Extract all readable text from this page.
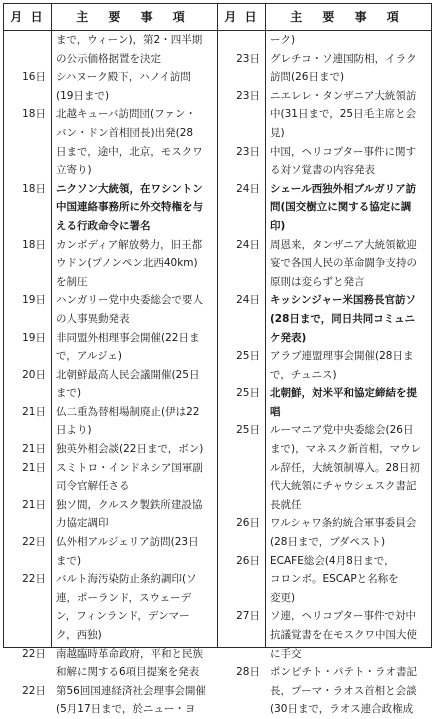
月 日	主 要 事 項
まで，ウィーン)，第2・四半期
の公示価格据置を決定
16日 シハヌーク殿下，ハノイ訪問
(19日まで)
18日 北越キューバ訪問団(ファン・
バン・ドン首相団長)出発(28
日まで，途中，北京，モスクワ
立寄り)
18日 ニクソン大統領，在ワシントン
中国連絡事務所に外交特権を与
える行政命令に署名
18日 カンボディア解放勢力，旧王都
ウドン(プノンペン北西40km)
を制圧
19日 ハンガリー党中央委総会で要人
の人事異動発表
19日 非同盟外相理事会開催(22日ま
で，アルジェ)
20日 北朝鮮最高人民会議開催(25日
まで)
21日 仏二重為替相場制廃止(伊は22
日より)
21日 独英外相会談(22日まで，ボン)
21日 スミトロ・インドネシア国軍副
司令官解任さる
21日 独ソ間，クルスク製鉄所建設協
力協定調印
22日 仏外相アルジェリア訪問(23日
まで)
22日 バルト海汚染防止条約調印(ソ
連，ポーランド，スウェーデ
ン，フィンランド，デンマー
ク，西独)
22日 南越臨時革命政府，平和と民族
和解に関する6項目提案を発表
22日 第56回国連経済社会理事会開催
(5月17日まで，於ニュー・ヨ
月 日	主 要 事 項
ーク)
23日 グレチコ・ソ連国防相，イラク
訪問(26日まで)
23日 ニエレレ・タンザニア大統領訪
中(31日まで，25日毛主席と会
見)
23日 中国，ヘリコプター事件に関す
る対ソ覚書の内容発表
24日 シェール西独外相ブルガリア訪
問(国交樹立に関する協定に調
印)
24日 周恩来，タンザニア大統領歓迎
宴で各国人民の革命闘争支持の
原則は変らずと発言
24日 キッシンジャー米国務長官訪ソ
(28日まで，同日共同コミュニ
ケ発表)
25日 アラブ連盟理事会開催(28日ま
で，チュニス)
25日 北朝鮮，対米平和協定締結を提
唱
25日 ルーマニア党中央委総会(26日
まで)，マネスク新首相，マウレ
ル辞任，大統領制導入。28日初
代大統領にチャウシェスク書記
長就任
26日 ワルシャワ条約統合軍事委員会
(28日まで，ブダペスト)
26日 ECAFE総会(4月8日まで，
コロンボ。ESCAPと名称を
変更)
27日 ソ連，ヘリコプター事件で対中
抗議覚書を在モスクワ中国大使
に手交
28日 ポンピチト・パテト・ラオ書記
長，プーマ・ラオス首相と会談
(30日まで，ラオス連合政権成
